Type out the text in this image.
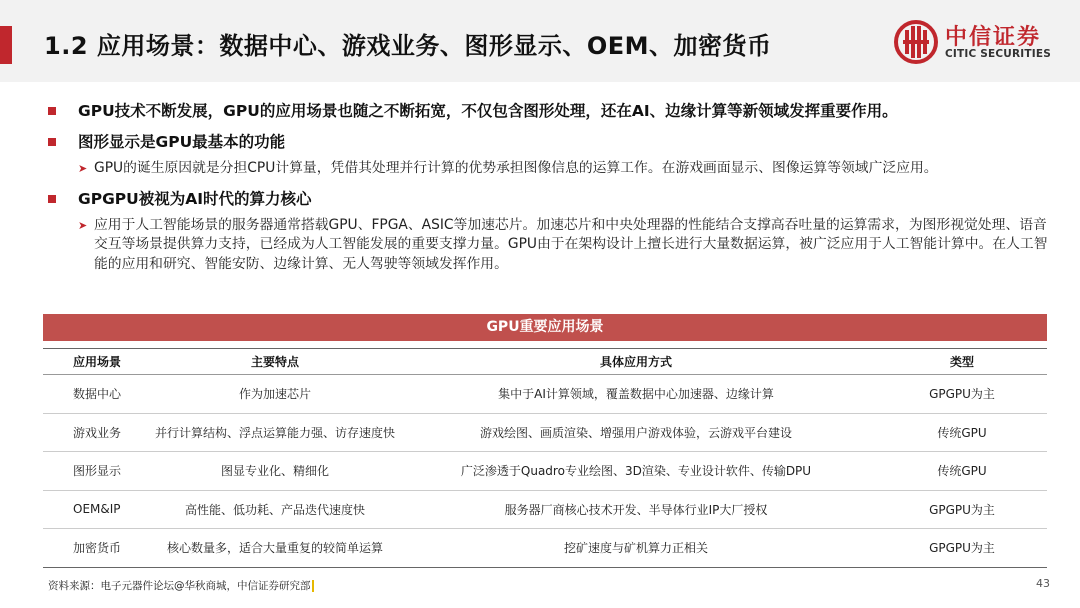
1.2 应用场景：数据中心、游戏业务、图形显示、OEM、加密货币	中信证券
CITIC SECURITIES
GPU技术不断发展，GPU的应用场景也随之不断拓宽，不仅包含图形处理，还在AI、边缘计算等新领域发挥重要作用。
图形显示是GPU最基本的功能
➤ GPU的诞生原因就是分担CPU计算量，凭借其处理并行计算的优势承担图像信息的运算工作。在游戏画面显示、图像运算等领域广泛应用。
GPGPU被视为AI时代的算力核心
➤ 应用于人工智能场景的服务器通常搭载GPU、FPGA、ASIC等加速芯片。加速芯片和中央处理器的性能结合支撑高吞吐量的运算需求，为图形视觉处理、语音交互等场景提供算力支持，已经成为人工智能发展的重要支撑力量。GPU由于在架构设计上擅长进行大量数据运算，被广泛应用于人工智能计算中。在人工智能的应用和研究、智能安防、边缘计算、无人驾驶等领域发挥作用。
GPU重要应用场景
应用场景	主要特点	具体应用方式	类型
数据中心	作为加速芯片	集中于AI计算领域，覆盖数据中心加速器、边缘计算	GPGPU为主
游戏业务	并行计算结构、浮点运算能力强、访存速度快	游戏绘图、画质渲染、增强用户游戏体验，云游戏平台建设	传统GPU
图形显示	图显专业化、精细化	广泛渗透于Quadro专业绘图、3D渲染、专业设计软件、传输DPU	传统GPU
OEM&IP	高性能、低功耗、产品迭代速度快	服务器厂商核心技术开发、半导体行业IP大厂授权	GPGPU为主
加密货币	核心数量多，适合大量重复的较简单运算	挖矿速度与矿机算力正相关	GPGPU为主
资料来源：电子元器件论坛@华秋商城，中信证券研究部	43
